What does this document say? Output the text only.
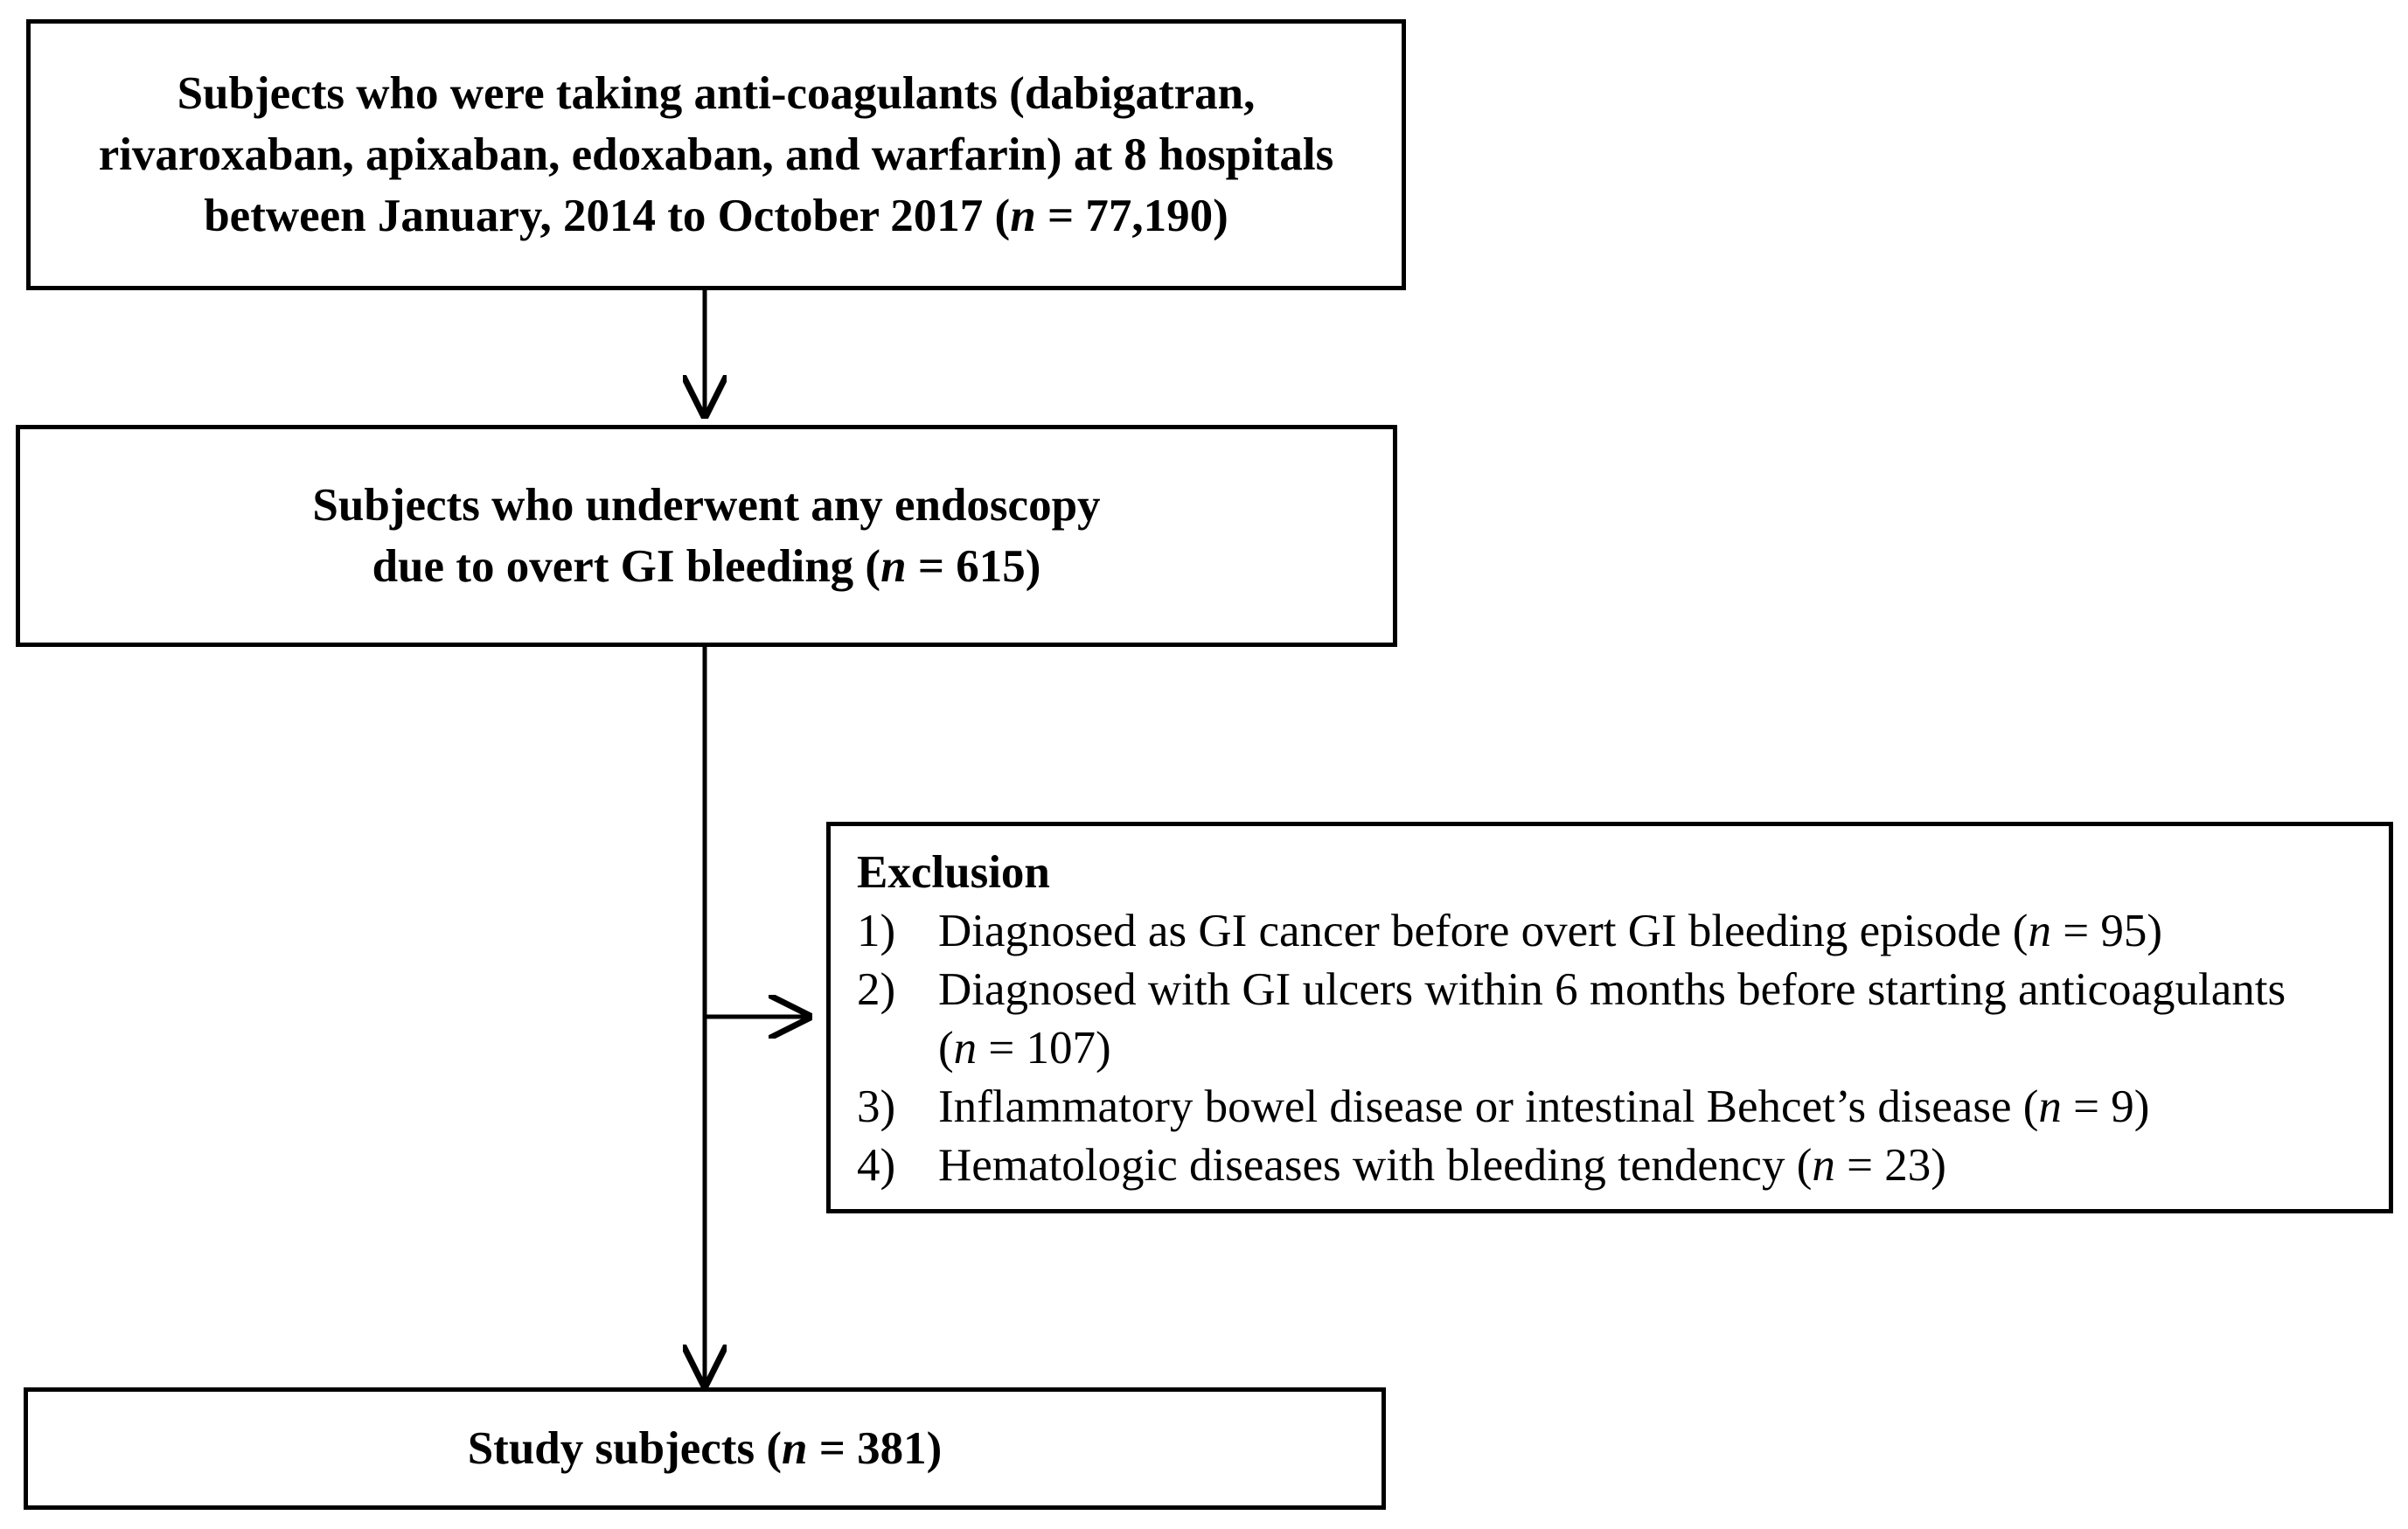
Subjects who were taking anti-coagulants (dabigatran,
rivaroxaban, apixaban, edoxaban, and warfarin) at 8 hospitals
between January, 2014 to October 2017 (n = 77,190)
Subjects who underwent any endoscopy
due to overt GI bleeding (n = 615)
Exclusion
1) Diagnosed as GI cancer before overt GI bleeding episode (n = 95)
2) Diagnosed with GI ulcers within 6 months before starting anticoagulants
(n = 107)
3) Inflammatory bowel disease or intestinal Behcet’s disease (n = 9)
4) Hematologic diseases with bleeding tendency (n = 23)
Study subjects (n = 381)
